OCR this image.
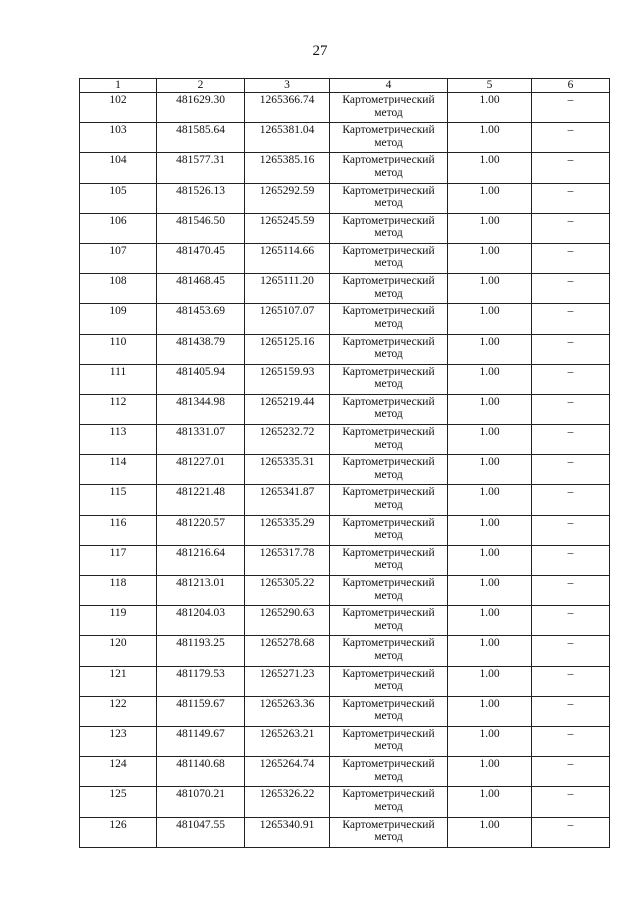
27
1	2	3	4	5	6
102	481629.30	1265366.74	Картометрический метод	1.00	–
103	481585.64	1265381.04	Картометрический метод	1.00	–
104	481577.31	1265385.16	Картометрический метод	1.00	–
105	481526.13	1265292.59	Картометрический метод	1.00	–
106	481546.50	1265245.59	Картометрический метод	1.00	–
107	481470.45	1265114.66	Картометрический метод	1.00	–
108	481468.45	1265111.20	Картометрический метод	1.00	–
109	481453.69	1265107.07	Картометрический метод	1.00	–
110	481438.79	1265125.16	Картометрический метод	1.00	–
111	481405.94	1265159.93	Картометрический метод	1.00	–
112	481344.98	1265219.44	Картометрический метод	1.00	–
113	481331.07	1265232.72	Картометрический метод	1.00	–
114	481227.01	1265335.31	Картометрический метод	1.00	–
115	481221.48	1265341.87	Картометрический метод	1.00	–
116	481220.57	1265335.29	Картометрический метод	1.00	–
117	481216.64	1265317.78	Картометрический метод	1.00	–
118	481213.01	1265305.22	Картометрический метод	1.00	–
119	481204.03	1265290.63	Картометрический метод	1.00	–
120	481193.25	1265278.68	Картометрический метод	1.00	–
121	481179.53	1265271.23	Картометрический метод	1.00	–
122	481159.67	1265263.36	Картометрический метод	1.00	–
123	481149.67	1265263.21	Картометрический метод	1.00	–
124	481140.68	1265264.74	Картометрический метод	1.00	–
125	481070.21	1265326.22	Картометрический метод	1.00	–
126	481047.55	1265340.91	Картометрический метод	1.00	–
